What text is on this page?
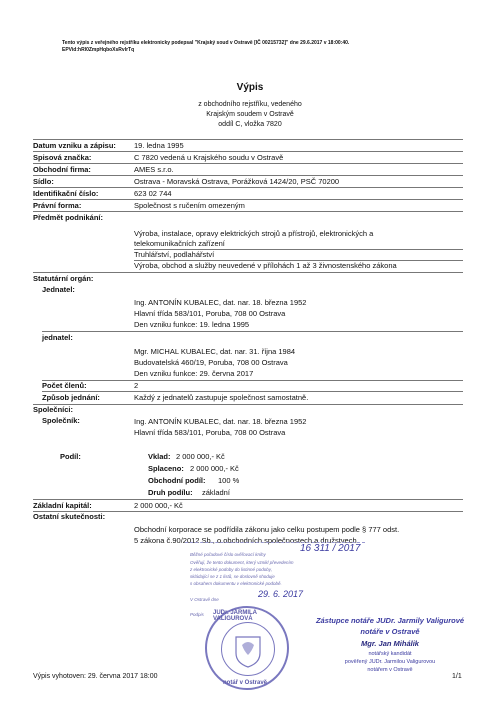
Tento výpis z veřejného rejstříku elektronicky podepsal "Krajský soud v Ostravě [IČ 00215732]" dne 29.6.2017 v 18:00:40.
EPVid:hRl0ZmpHqboXsRvIrTq
Výpis
z obchodního rejstříku, vedeného
Krajským soudem v Ostravě
oddíl C, vložka 7820
Datum vzniku a zápisu: 19. ledna 1995
Spisová značka:	C 7820 vedená u Krajského soudu v Ostravě
Obchodní firma:	AMES s.r.o.
Sídlo:	Ostrava - Moravská Ostrava, Porážková 1424/20, PSČ 70200
Identifikační číslo:	623 02 744
Právní forma:	Společnost s ručením omezeným
Předmět podnikání:
Výroba, instalace, opravy elektrických strojů a přístrojů, elektronických a
telekomunikačních zařízení
Truhlářství, podlahářství
Výroba, obchod a služby neuvedené v přílohách 1 až 3 živnostenského zákona
Statutární orgán:
Jednatel:
Ing. ANTONÍN KUBALEC, dat. nar. 18. března 1952
Hlavní třída 583/101, Poruba, 708 00 Ostrava
Den vzniku funkce: 19. ledna 1995
jednatel:
Mgr. MICHAL KUBALEC, dat. nar. 31. října 1984
Budovatelská 460/19, Poruba, 708 00 Ostrava
Den vzniku funkce: 29. června 2017
Počet členů:	2
Způsob jednání:	Každý z jednatelů zastupuje společnost samostatně.
Společníci:
Společník:	Ing. ANTONÍN KUBALEC, dat. nar. 18. března 1952
Hlavní třída 583/101, Poruba, 708 00 Ostrava
Podíl:	Vklad: 2 000 000,- Kč
Splaceno: 2 000 000,- Kč
Obchodní podíl: 100 %
Druh podílu: základní
Základní kapitál:	2 000 000,- Kč
Ostatní skutečnosti:
Obchodní korporace se podřídila zákonu jako celku postupem podle § 777 odst.
5 zákona č.90/2012 Sb., o obchodních společnostech a družstvech.
Běžné pořadové číslo ověřovací knihy
16 311 / 2017
Ověřuji, že tento dokument, který vznikl převedením
z elektronické podoby do listinné podoby,
skládající se z 1 listů, se doslovně shoduje
s obsahem dokumentu v elektronické podobě.
V Ostravě dne
29. 6. 2017
Podpis JUDr. JARMILA VALIGUROVÁ
notář v Ostravě
Zástupce notáře JUDr. Jarmily Valigurové
notáře v Ostravě
Mgr. Jan Mihálik
notářský kandidát
pověřený JUDr. Jarmilou Valigurovou
notářem v Ostravě
Výpis vyhotoven: 29. června 2017 18:00	1/1
